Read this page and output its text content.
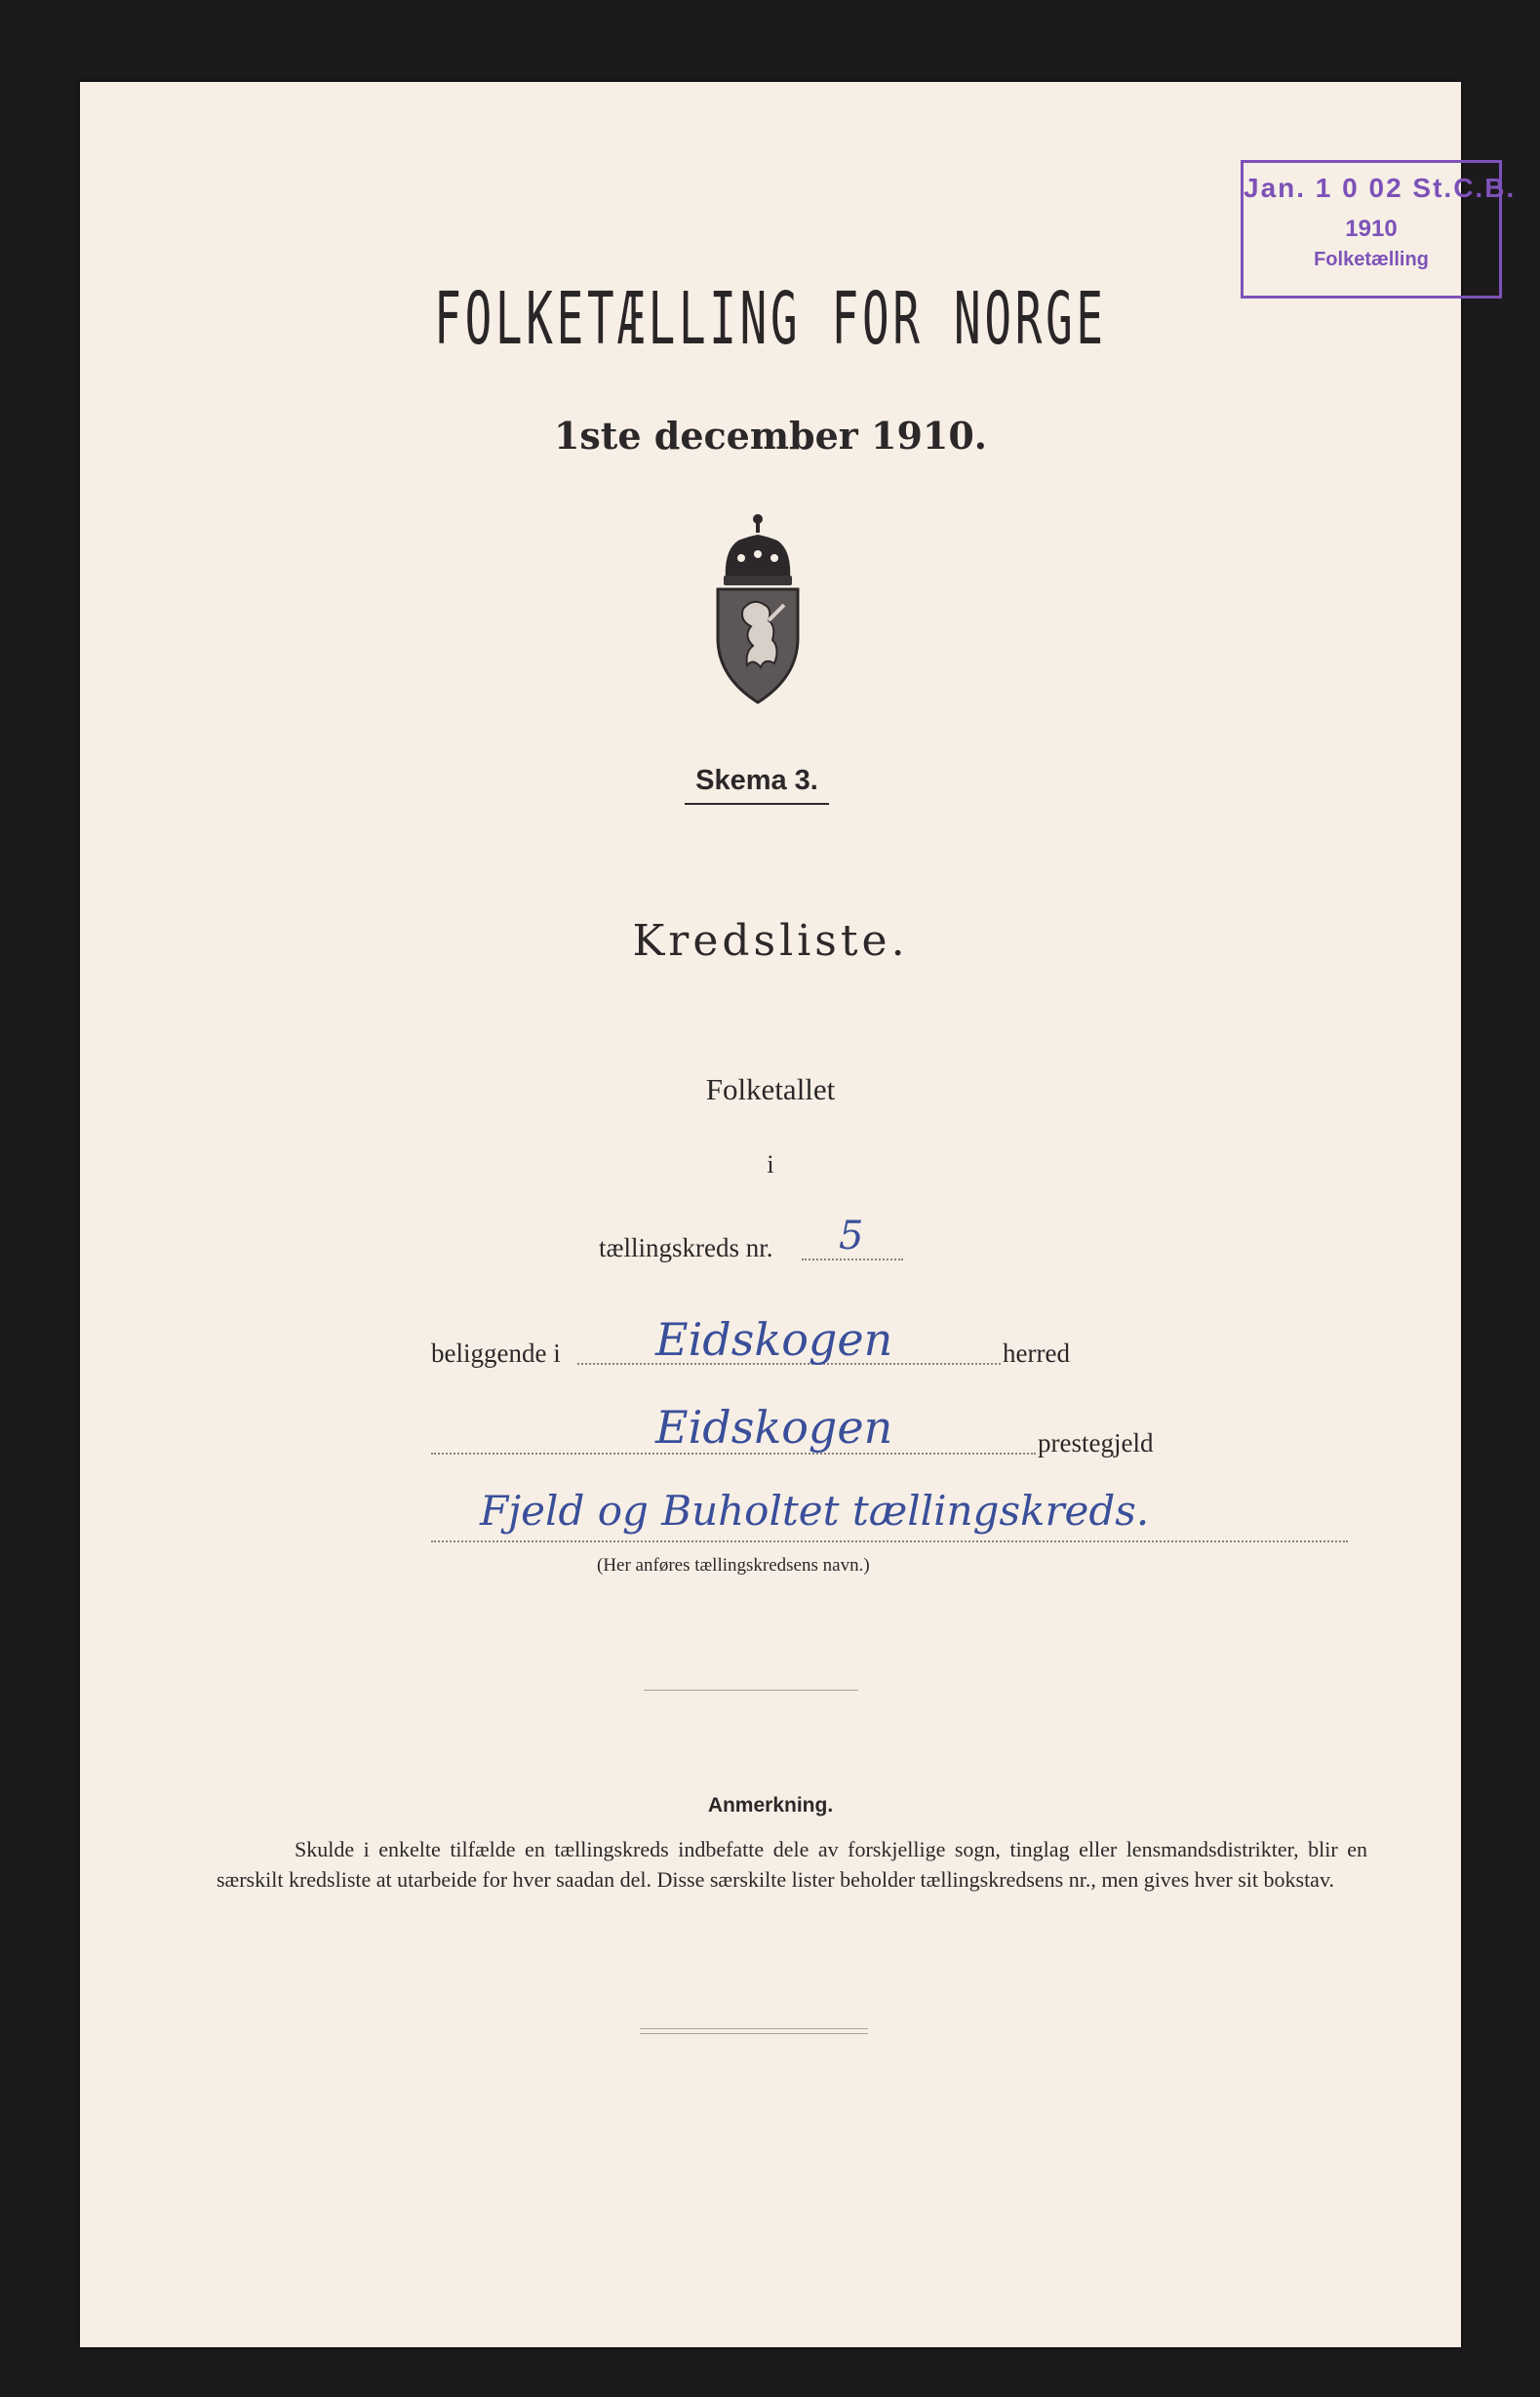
Jan. 1 0 02 St.C.B.
1910
Folketælling
FOLKETÆLLING FOR NORGE
1ste december 1910.
Skema 3.
Kredsliste.
Folketallet
i
tællingskreds nr. 5
beliggende i Eidskogen	herred
Eidskogen	prestegjeld
Fjeld og Buholtet tællingskreds.
(Her anføres tællingskredsens navn.)
Anmerkning.
Skulde i enkelte tilfælde en tællingskreds indbefatte dele av forskjellige sogn, tinglag eller lensmandsdistrikter, blir en særskilt kredsliste at utarbeide for hver saadan del. Disse særskilte lister beholder tællingskredsens nr., men gives hver sit bokstav.
